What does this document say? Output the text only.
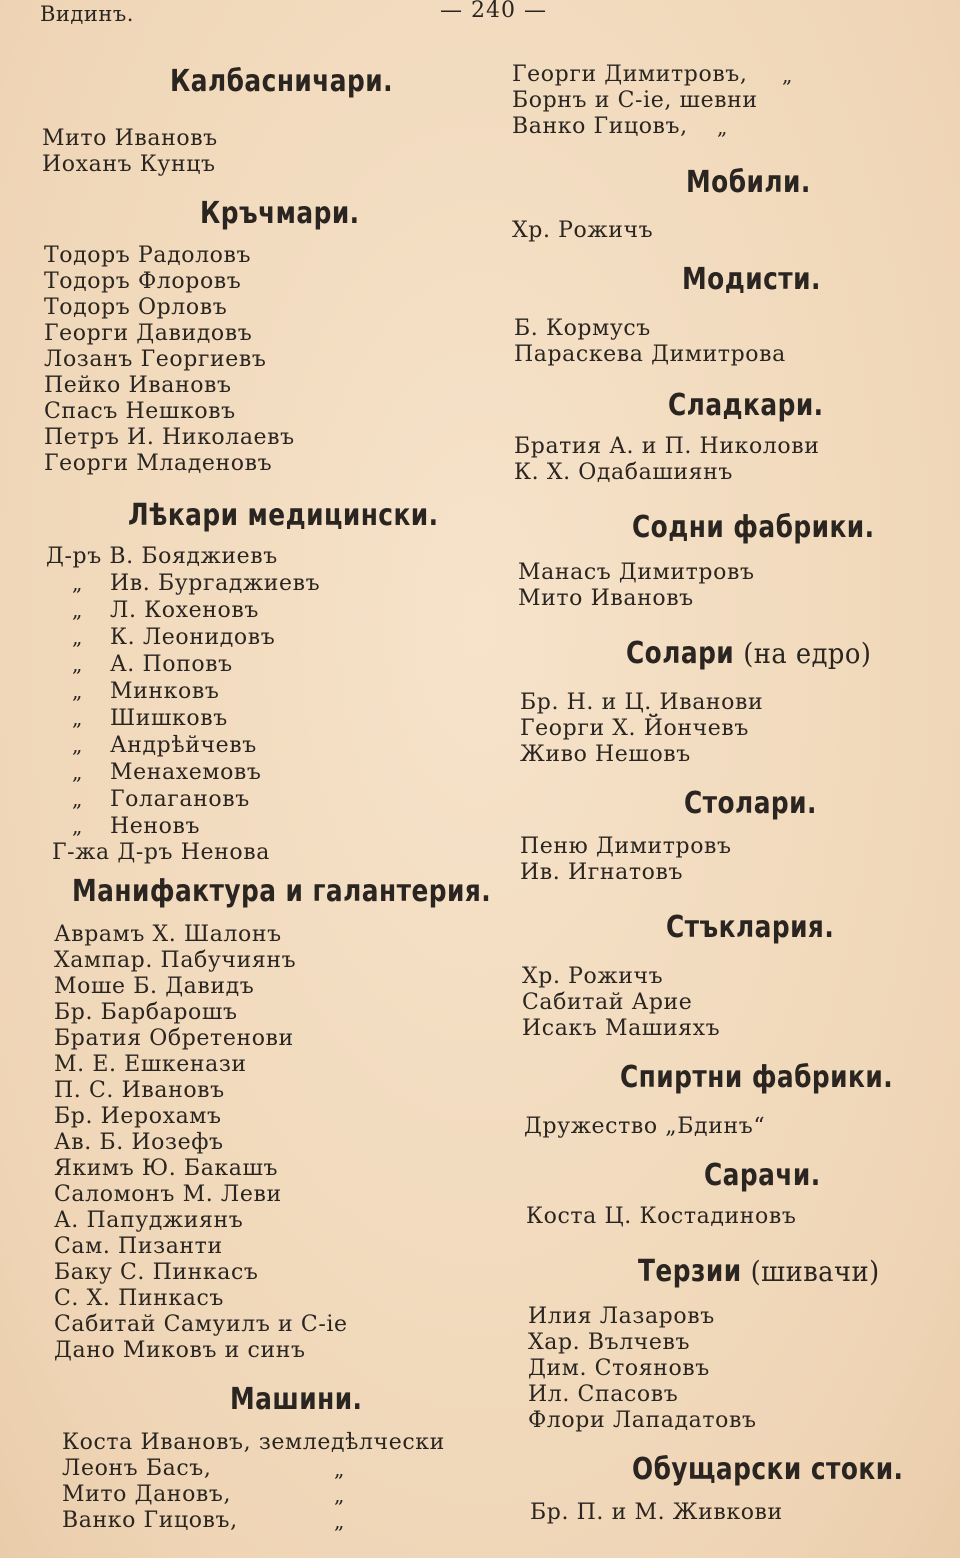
Видинъ.	— 240 —
Калбасничари.
Мито Ивановъ
Иоханъ Кунцъ
Кръчмари.
Тодоръ Радоловъ
Тодоръ Флоровъ
Тодоръ Орловъ
Георги Давидовъ
Лозанъ Георгиевъ
Пейко Ивановъ
Спасъ Нешковъ
Петръ И. Николаевъ
Георги Младеновъ
Лѣкари медицински.
Д-ръ В. Бояджиевъ
„ Ив. Бургаджиевъ
„ Л. Кохеновъ
„ К. Леонидовъ
„ А. Поповъ
„ Минковъ
„ Шишковъ
„ Андрѣйчевъ
„ Менахемовъ
„ Голагановъ
„ Неновъ
Г-жа Д-ръ Ненова
Манифактура и галантерия.
Аврамъ Х. Шалонъ
Хампар. Пабучиянъ
Моше Б. Давидъ
Бр. Барбарошъ
Братия Обретенови
М. Е. Ешкенази
П. С. Ивановъ
Бр. Иерохамъ
Ав. Б. Иозефъ
Якимъ Ю. Бакашъ
Саломонъ М. Леви
А. Папуджиянъ
Сам. Пизанти
Баку С. Пинкасъ
С. Х. Пинкасъ
Сабитай Самуилъ и С-ie
Дано Миковъ и синъ
Машини.
Коста Ивановъ, земледѣлчески
Леонъ Басъ,	„
Мито Дановъ,	„
Ванко Гицовъ,	„
Георги Димитровъ, „
Борнъ и С-ie, шевни
Ванко Гицовъ, „
Мобили.
Хр. Рожичъ
Модисти.
Б. Кормусъ
Параскева Димитрова
Сладкари.
Братия А. и П. Николови
К. Х. Одабашиянъ
Содни фабрики.
Манасъ Димитровъ
Мито Ивановъ
Солари (на едро)
Бр. Н. и Ц. Иванови
Георги Х. Йончевъ
Живо Нешовъ
Столари.
Пеню Димитровъ
Ив. Игнатовъ
Стъклария.
Хр. Рожичъ
Сабитай Арие
Исакъ Машияхъ
Спиртни фабрики.
Дружество „Бдинъ“
Сарачи.
Коста Ц. Костадиновъ
Терзии (шивачи)
Илия Лазаровъ
Хар. Вълчевъ
Дим. Стояновъ
Ил. Спасовъ
Флори Лападатовъ
Обущарски стоки.
Бр. П. и М. Живкови
